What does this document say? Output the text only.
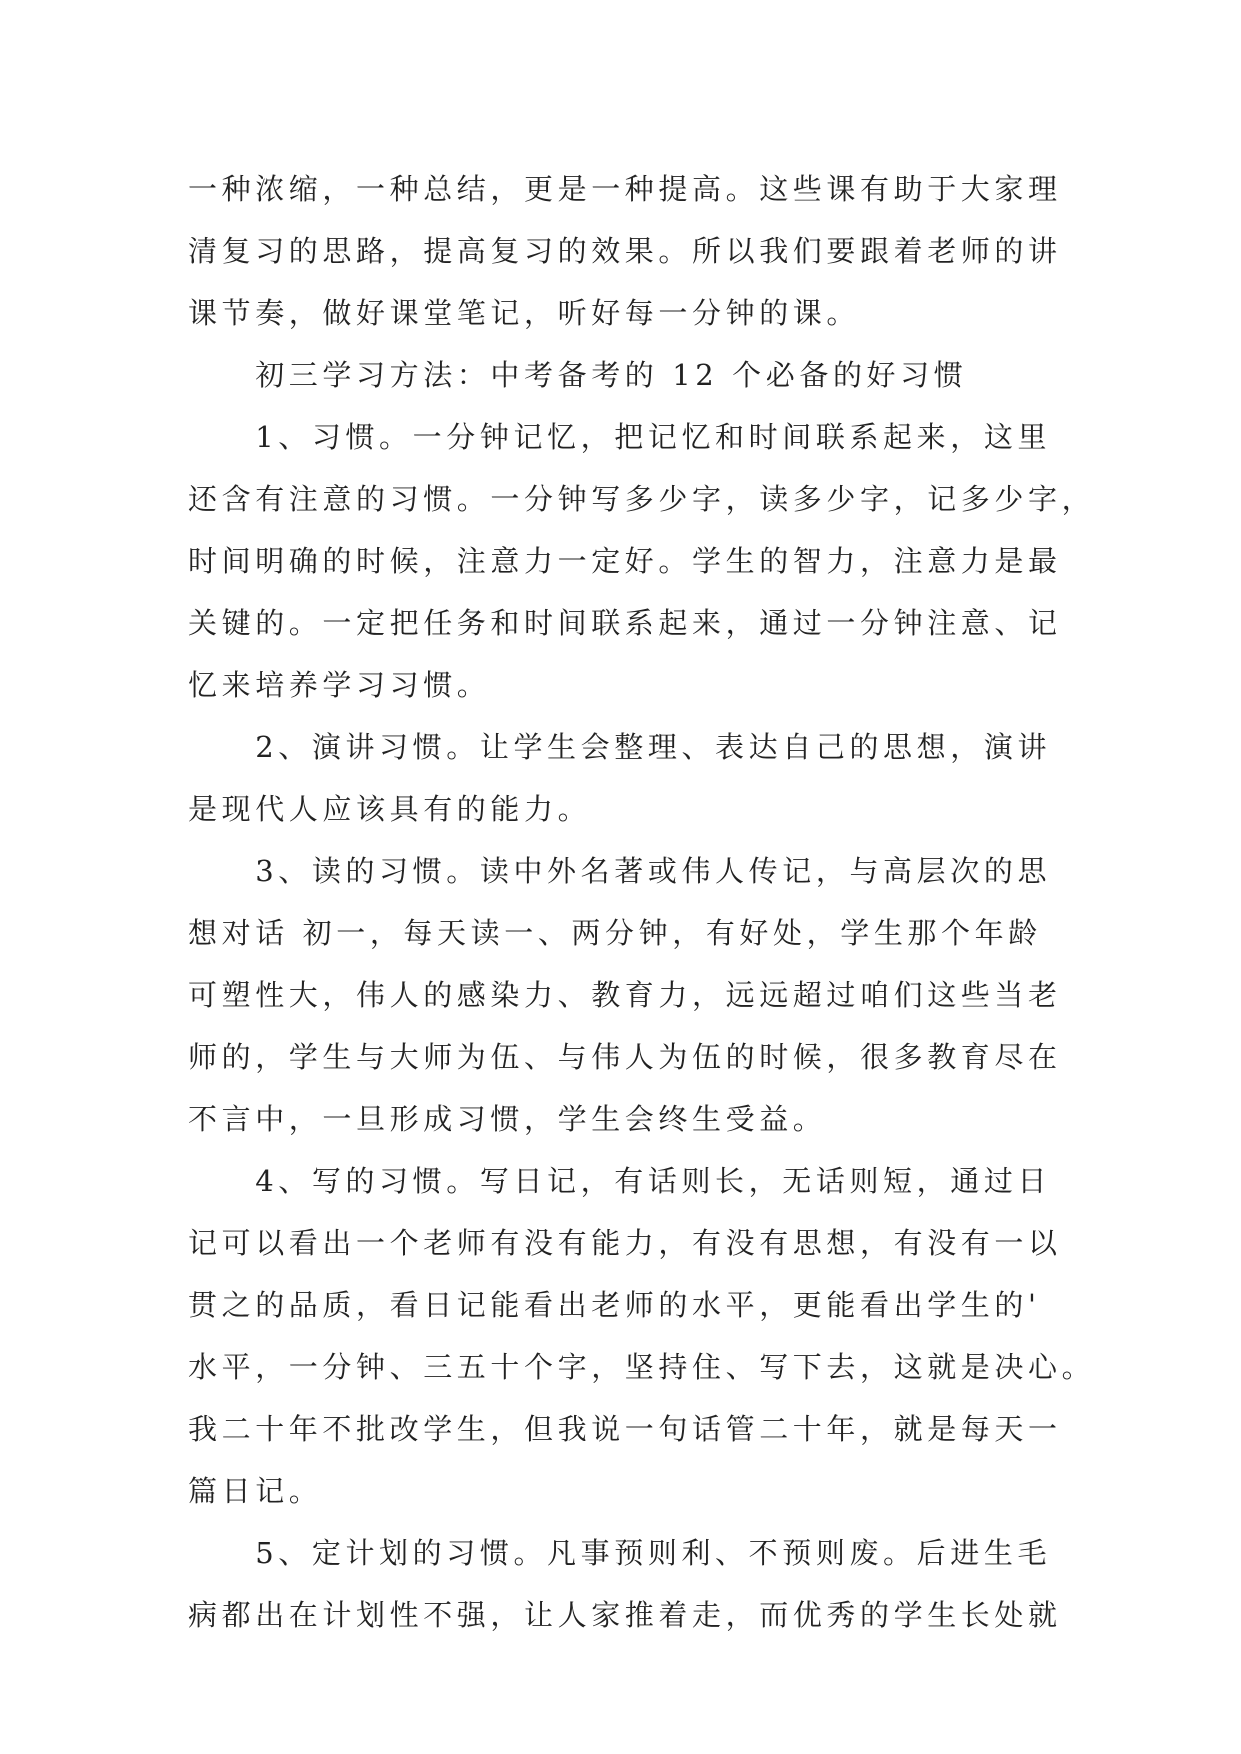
一种浓缩，一种总结，更是一种提高。这些课有助于大家理
清复习的思路，提高复习的效果。所以我们要跟着老师的讲
课节奏，做好课堂笔记，听好每一分钟的课。
　　初三学习方法：中考备考的 12 个必备的好习惯
　　1、习惯。一分钟记忆，把记忆和时间联系起来，这里
还含有注意的习惯。一分钟写多少字，读多少字，记多少字，
时间明确的时候，注意力一定好。学生的智力，注意力是最
关键的。一定把任务和时间联系起来，通过一分钟注意、记
忆来培养学习习惯。
　　2、演讲习惯。让学生会整理、表达自己的思想，演讲
是现代人应该具有的能力。
　　3、读的习惯。读中外名著或伟人传记，与高层次的思
想对话 初一，每天读一、两分钟，有好处，学生那个年龄
可塑性大，伟人的感染力、教育力，远远超过咱们这些当老
师的，学生与大师为伍、与伟人为伍的时候，很多教育尽在
不言中，一旦形成习惯，学生会终生受益。
　　4、写的习惯。写日记，有话则长，无话则短，通过日
记可以看出一个老师有没有能力，有没有思想，有没有一以
贯之的品质，看日记能看出老师的水平，更能看出学生的'
水平，一分钟、三五十个字，坚持住、写下去，这就是决心。
我二十年不批改学生，但我说一句话管二十年，就是每天一
篇日记。
　　5、定计划的习惯。凡事预则利、不预则废。后进生毛
病都出在计划性不强，让人家推着走，而优秀的学生长处就
